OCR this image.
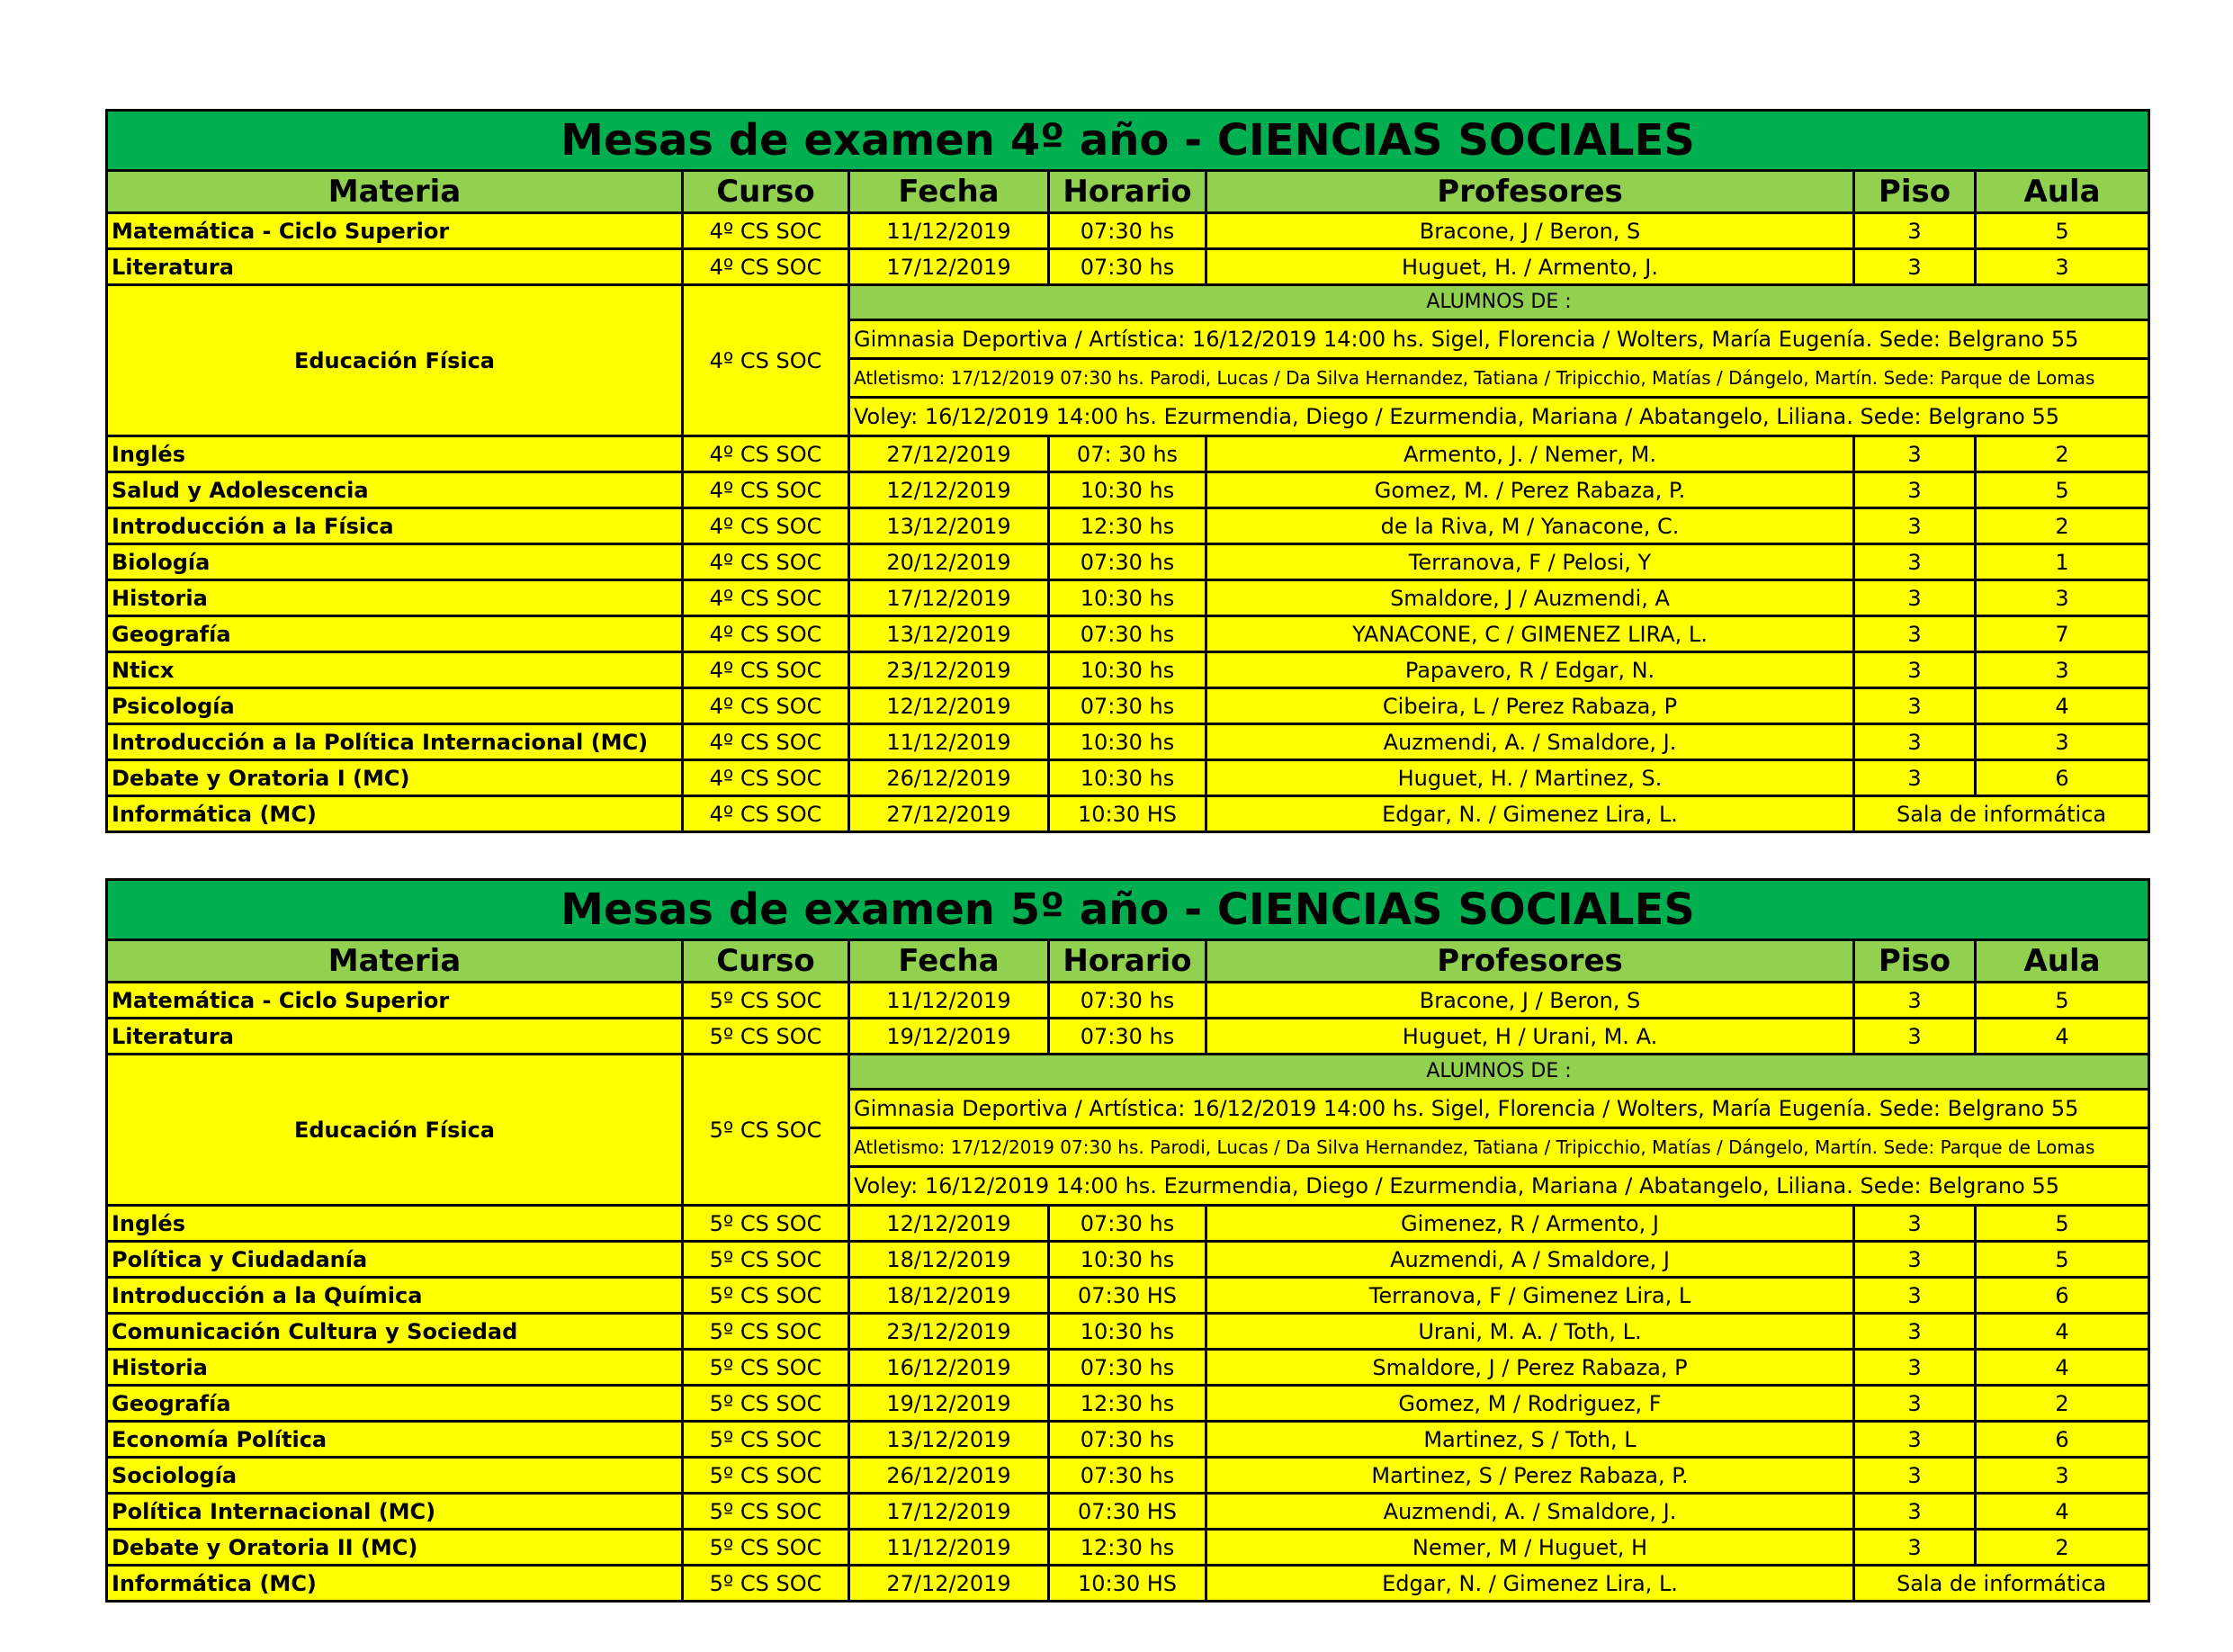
Mesas de examen 4º año - CIENCIAS SOCIALES						
Materia	Curso	Fecha	Horario	Profesores	Piso	Aula
Matemática - Ciclo Superior	4º CS SOC	11/12/2019	07:30 hs	Bracone, J / Beron, S	3	5
Literatura	4º CS SOC	17/12/2019	07:30 hs	Huguet, H. / Armento, J.	3	3
Educación Física	4º CS SOC	ALUMNOS DE :				
		Gimnasia Deportiva / Artística: 16/12/2019 14:00 hs. Sigel, Florencia / Wolters, María Eugenía. Sede: Belgrano 55				
		Atletismo: 17/12/2019 07:30 hs. Parodi, Lucas / Da Silva Hernandez, Tatiana / Tripicchio, Matías / Dángelo, Martín. Sede: Parque de Lomas				
		Voley: 16/12/2019 14:00 hs. Ezurmendia, Diego / Ezurmendia, Mariana / Abatangelo, Liliana. Sede: Belgrano 55				
Inglés	4º CS SOC	27/12/2019	07: 30 hs	Armento, J. / Nemer, M.	3	2
Salud y Adolescencia	4º CS SOC	12/12/2019	10:30 hs	Gomez, M. / Perez Rabaza, P.	3	5
Introducción a la Física	4º CS SOC	13/12/2019	12:30 hs	de la Riva, M / Yanacone, C.	3	2
Biología	4º CS SOC	20/12/2019	07:30 hs	Terranova, F / Pelosi, Y	3	1
Historia	4º CS SOC	17/12/2019	10:30 hs	Smaldore, J / Auzmendi, A	3	3
Geografía	4º CS SOC	13/12/2019	07:30 hs	YANACONE, C / GIMENEZ LIRA, L.	3	7
Nticx	4º CS SOC	23/12/2019	10:30 hs	Papavero, R / Edgar, N.	3	3
Psicología	4º CS SOC	12/12/2019	07:30 hs	Cibeira, L / Perez Rabaza, P	3	4
Introducción a la Política Internacional (MC)	4º CS SOC	11/12/2019	10:30 hs	Auzmendi, A. / Smaldore, J.	3	3
Debate y Oratoria I (MC)	4º CS SOC	26/12/2019	10:30 hs	Huguet, H. / Martinez, S.	3	6
Informática (MC)	4º CS SOC	27/12/2019	10:30 HS	Edgar, N. / Gimenez Lira, L.	Sala de informática	
Mesas de examen 5º año - CIENCIAS SOCIALES						
Materia	Curso	Fecha	Horario	Profesores	Piso	Aula
Matemática - Ciclo Superior	5º CS SOC	11/12/2019	07:30 hs	Bracone, J / Beron, S	3	5
Literatura	5º CS SOC	19/12/2019	07:30 hs	Huguet, H / Urani, M. A.	3	4
Educación Física	5º CS SOC	ALUMNOS DE :				
		Gimnasia Deportiva / Artística: 16/12/2019 14:00 hs. Sigel, Florencia / Wolters, María Eugenía. Sede: Belgrano 55				
		Atletismo: 17/12/2019 07:30 hs. Parodi, Lucas / Da Silva Hernandez, Tatiana / Tripicchio, Matías / Dángelo, Martín. Sede: Parque de Lomas				
		Voley: 16/12/2019 14:00 hs. Ezurmendia, Diego / Ezurmendia, Mariana / Abatangelo, Liliana. Sede: Belgrano 55				
Inglés	5º CS SOC	12/12/2019	07:30 hs	Gimenez, R / Armento, J	3	5
Política y Ciudadanía	5º CS SOC	18/12/2019	10:30 hs	Auzmendi, A / Smaldore, J	3	5
Introducción a la Química	5º CS SOC	18/12/2019	07:30 HS	Terranova, F / Gimenez Lira, L	3	6
Comunicación Cultura y Sociedad	5º CS SOC	23/12/2019	10:30 hs	Urani, M. A. / Toth, L.	3	4
Historia	5º CS SOC	16/12/2019	07:30 hs	Smaldore, J / Perez Rabaza, P	3	4
Geografía	5º CS SOC	19/12/2019	12:30 hs	Gomez, M / Rodriguez, F	3	2
Economía Política	5º CS SOC	13/12/2019	07:30 hs	Martinez, S / Toth, L	3	6
Sociología	5º CS SOC	26/12/2019	07:30 hs	Martinez, S / Perez Rabaza, P.	3	3
Política Internacional (MC)	5º CS SOC	17/12/2019	07:30 HS	Auzmendi, A. / Smaldore, J.	3	4
Debate y Oratoria II (MC)	5º CS SOC	11/12/2019	12:30 hs	Nemer, M / Huguet, H	3	2
Informática (MC)	5º CS SOC	27/12/2019	10:30 HS	Edgar, N. / Gimenez Lira, L.	Sala de informática	
